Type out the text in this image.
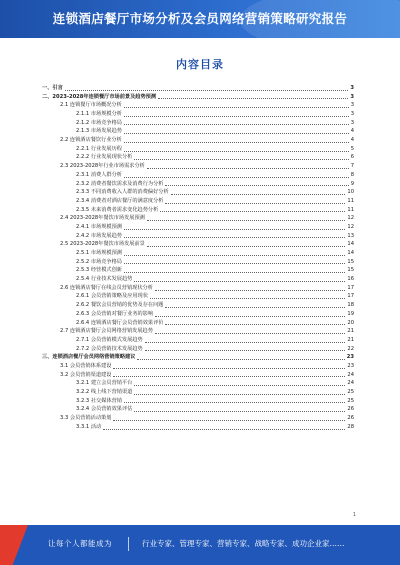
连锁酒店餐厅市场分析及会员网络营销策略研究报告
内容目录
一、引言	3
二、2023-2028年连锁餐厅市场前景及趋势预测	3
2.1 连锁餐厅市场概况分析	3
2.1.1 市场规模分析	3
2.1.2 市场竞争格局	3
2.1.3 市场发展趋势	4
2.2 连锁酒店餐饮行业分析	4
2.2.1 行业发展历程	5
2.2.2 行业发展现状分析	6
2.3 2023-2028年行业市场需求分析	7
2.3.1 消费人群分析	8
2.3.2 消费者餐饮需求及消费行为分析	9
2.3.3 不同消费收入人群的消费偏好分析	10
2.3.4 消费者对酒店餐厅的满意度分析	11
2.3.5 未来消费者需求变化趋势分析	11
2.4 2023-2028年餐饮市场发展预测	12
2.4.1 市场规模预测	12
2.4.2 市场发展趋势	13
2.5 2023-2028年餐饮市场发展前景	14
2.5.1 市场规模预测	14
2.5.2 市场竞争格局	15
2.5.3 经营模式创新	15
2.5.4 行业技术发展趋势	16
2.6 连锁酒店餐厅在线会员营销现状分析	17
2.6.1 会员营销策略及应用现状	17
2.6.2 餐饮会员营销的优势及存在问题	18
2.6.3 会员营销对餐厅业务的影响	19
2.6.4 连锁酒店餐厅会员营销效果评价	20
2.7 连锁酒店餐厅会员网络营销发展趋势	21
2.7.1 会员营销模式发展趋势	21
2.7.2 会员营销技术发展趋势	22
三、连锁酒店餐厅会员网络营销策略建议	23
3.1 会员营销体系建设	23
3.2 会员营销渠道建设	24
3.2.1 建立会员营销平台	24
3.2.2 线上线下营销渠道	25
3.2.3 社交媒体营销	25
3.2.4 会员营销效果评估	26
3.3 会员营销活动策划	26
3.3.1 活动	28
1
让每个人都能成为	行业专家、管理专家、营销专家、战略专家、成功企业家……
